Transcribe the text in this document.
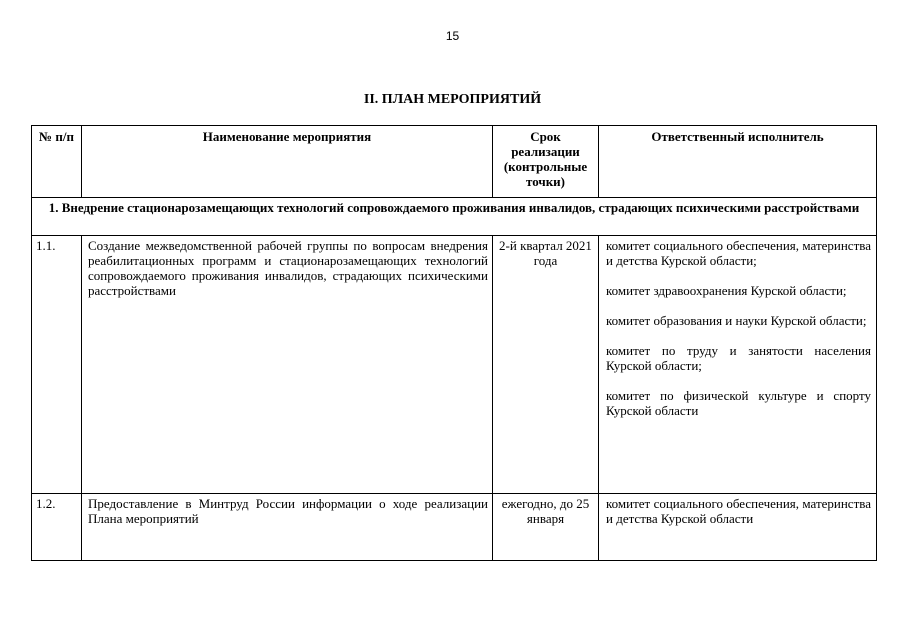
15
II. ПЛАН МЕРОПРИЯТИЙ
№ п/п	Наименование мероприятия	Срок реализации (контрольные точки)	Ответственный исполнитель
1. Внедрение стационарозамещающих технологий сопровождаемого проживания инвалидов, страдающих психическими расстройствами			
1.1.	Создание межведомственной рабочей группы по вопросам внедрения реабилитационных программ и стационарозамещающих технологий сопровождаемого проживания инвалидов, страдающих психическими расстройствами	2-й квартал 2021 года	комитет социального обеспечения, материнства и детства Курской области;
комитет здравоохранения Курской области;
комитет образования и науки Курской области;
комитет по труду и занятости населения Курской области;
комитет по физической культуре и спорту Курской области

1.2.	Предоставление в Минтруд России информации о ходе реализации Плана мероприятий	ежегодно, до 25 января	комитет социального обеспечения, материнства и детства Курской области
